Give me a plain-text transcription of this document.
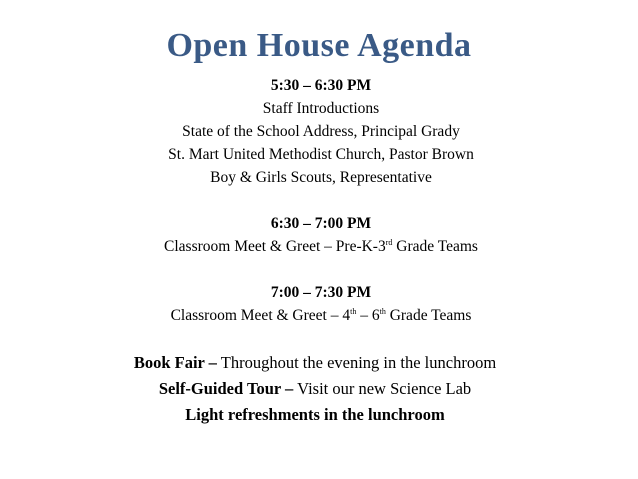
Open House Agenda
5:30 – 6:30 PM
Staff Introductions
State of the School Address, Principal Grady
St. Mart United Methodist Church, Pastor Brown
Boy & Girls Scouts, Representative
6:30 – 7:00 PM
Classroom Meet & Greet – Pre-K-3rd Grade Teams
7:00 – 7:30 PM
Classroom Meet & Greet – 4th – 6th Grade Teams
Book Fair – Throughout the evening in the lunchroom
Self-Guided Tour – Visit our new Science Lab
Light refreshments in the lunchroom
